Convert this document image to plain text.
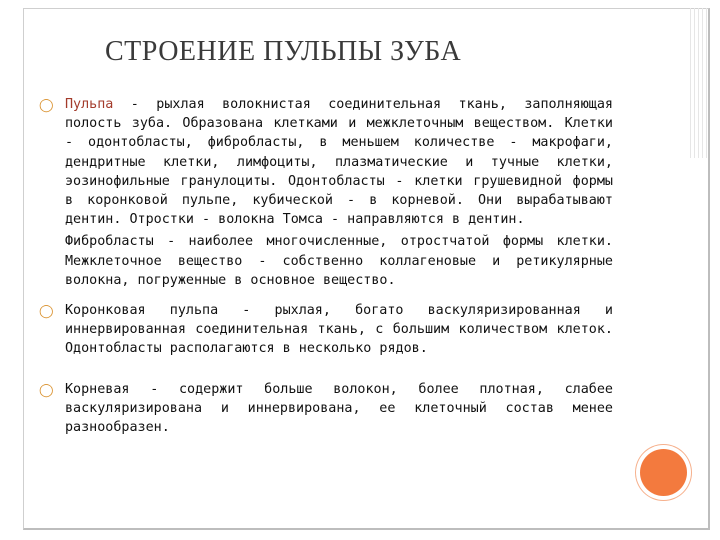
СТРОЕНИЕ ПУЛЬПЫ ЗУБА
◯ Пульпа - рыхлая волокнистая соединительная ткань, заполняющая полость зуба. Образована клетками и межклеточным веществом. Клетки - одонтобласты, фибробласты, в меньшем количестве - макрофаги, дендритные клетки, лимфоциты, плазматические и тучные клетки, эозинофильные гранулоциты. Одонтобласты - клетки грушевидной формы в коронковой пульпе, кубической - в корневой. Они вырабатывают дентин. Отростки - волокна Томса - направляются в дентин.
Фибробласты - наиболее многочисленные, отростчатой формы клетки. Межклеточное вещество - собственно коллагеновые и ретикулярные волокна, погруженные в основное вещество.
◯ Коронковая пульпа - рыхлая, богато васкуляризированная и иннервированная соединительная ткань, с большим количеством клеток. Одонтобласты располагаются в несколько рядов.
◯ Корневая - содержит больше волокон, более плотная, слабее васкуляризирована и иннервирована, ее клеточный состав менее разнообразен.
